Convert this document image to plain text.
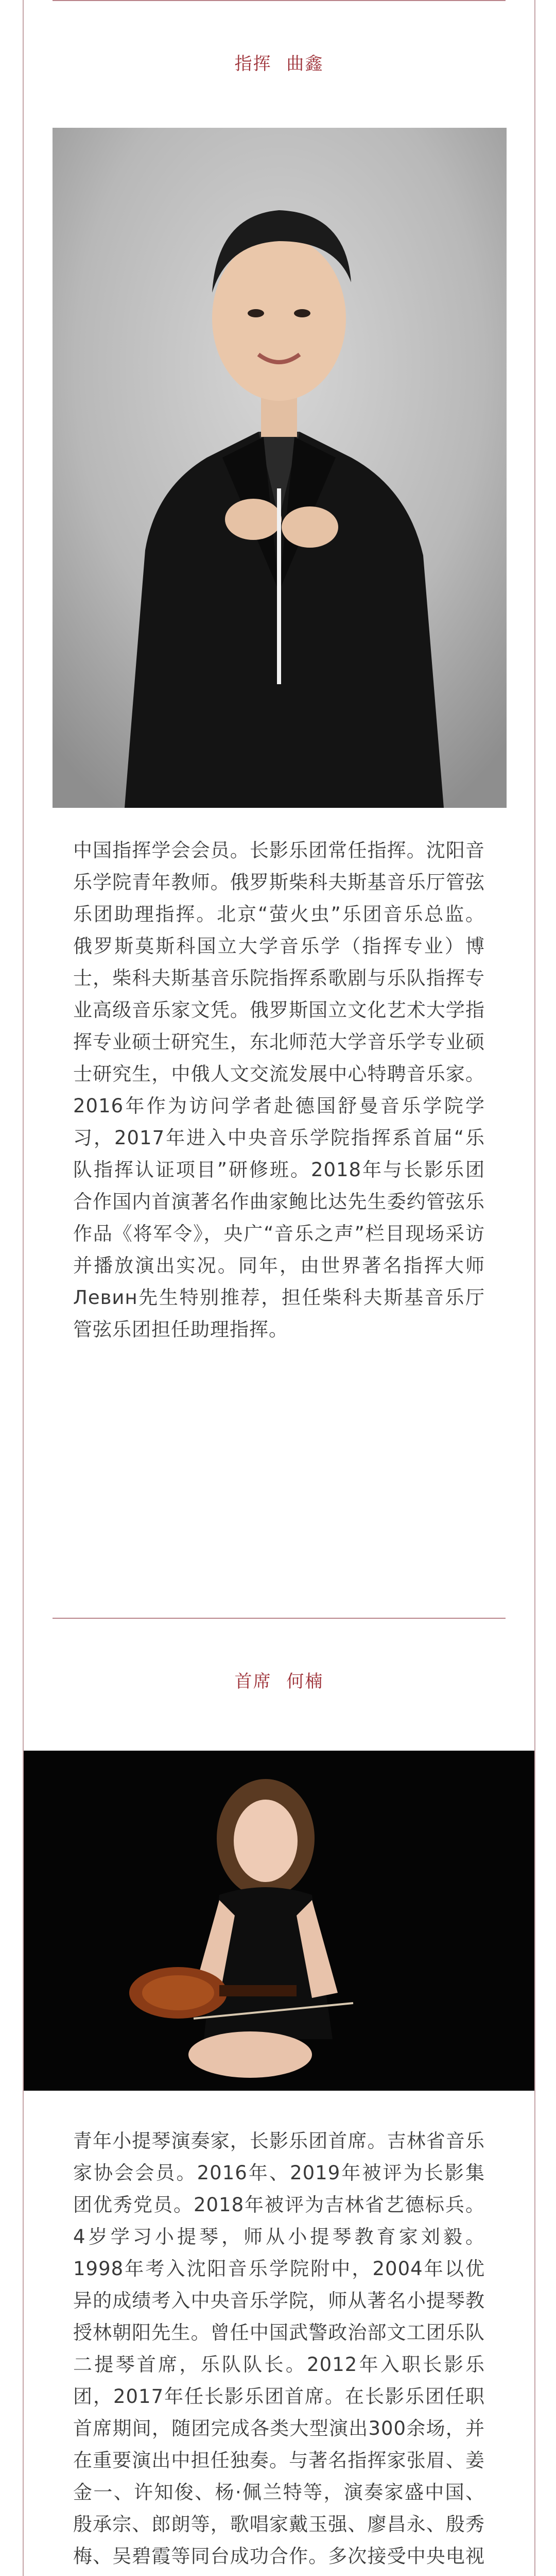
指挥 曲鑫

中国指挥学会会员。长影乐团常任指挥。沈阳音乐学院青年教师。俄罗斯柴科夫斯基音乐厅管弦乐团助理指挥。北京“萤火虫”乐团音乐总监。俄罗斯莫斯科国立大学音乐学（指挥专业）博士，柴科夫斯基音乐院指挥系歌剧与乐队指挥专业高级音乐家文凭。俄罗斯国立文化艺术大学指挥专业硕士研究生，东北师范大学音乐学专业硕士研究生，中俄人文交流发展中心特聘音乐家。2016年作为访问学者赴德国舒曼音乐学院学习，2017年进入中央音乐学院指挥系首届“乐队指挥认证项目”研修班。2018年与长影乐团合作国内首演著名作曲家鲍比达先生委约管弦乐作品《将军令》，央广“音乐之声”栏目现场采访并播放演出实况。同年，由世界著名指挥大师Левин先生特别推荐，担任柴科夫斯基音乐厅管弦乐团担任助理指挥。

首席 何楠

青年小提琴演奏家，长影乐团首席。吉林省音乐家协会会员。2016年、2019年被评为长影集团优秀党员。2018年被评为吉林省艺德标兵。4岁学习小提琴，师从小提琴教育家刘毅。1998年考入沈阳音乐学院附中，2004年以优异的成绩考入中央音乐学院，师从著名小提琴教授林朝阳先生。曾任中国武警政治部文工团乐队二提琴首席，乐队队长。2012年入职长影乐团，2017年任长影乐团首席。在长影乐团任职首席期间，随团完成各类大型演出300余场，并在重要演出中担任独奏。与著名指挥家张眉、姜金一、许知俊、杨·佩兰特等，演奏家盛中国、殷承宗、郎朗等，歌唱家戴玉强、廖昌永、殷秀梅、吴碧霞等同台成功合作。多次接受中央电视
